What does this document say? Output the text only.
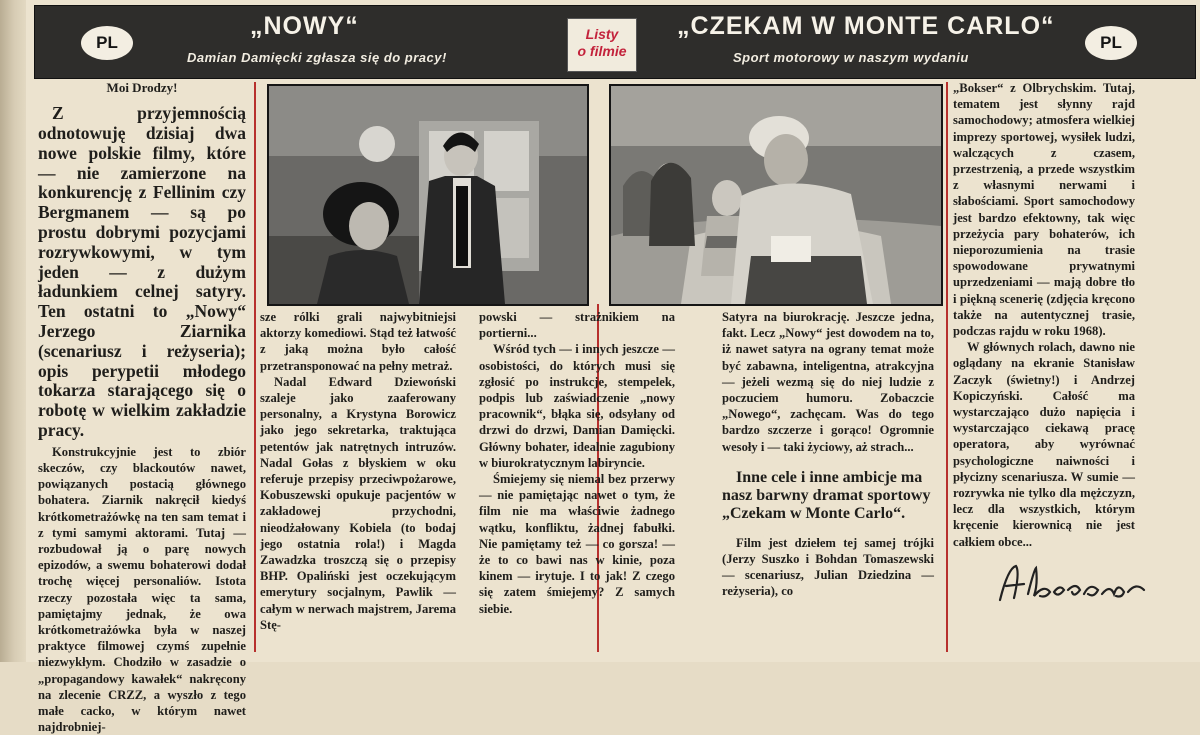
PL
„NOWY“
Damian Damięcki zgłasza się do pracy!
Listy
o filmie
„CZEKAM W MONTE CARLO“
Sport motorowy w naszym wydaniu
PL
Moi Drodzy!

Z przyjemnością odnotowuję dzisiaj dwa nowe polskie filmy, które — nie zamierzone na konkurencję z Fellinim czy Bergmanem — są po prostu dobrymi pozycjami rozrywkowymi, w tym jeden — z dużym ładunkiem celnej satyry. Ten ostatni to „Nowy“ Jerzego Ziarnika (scenariusz i reżyseria); opis perypetii młodego tokarza starającego się o robotę w wielkim zakładzie pracy.

Konstrukcyjnie jest to zbiór skeczów, czy blackoutów nawet, powiązanych postacią głównego bohatera. Ziarnik nakręcił kiedyś krótkometrażówkę na ten sam temat i z tymi samymi aktorami. Tutaj — rozbudował ją o parę nowych epizodów, a swemu bohaterowi dodał trochę więcej personaliów. Istota rzeczy pozostała więc ta sama, pamiętajmy jednak, że owa krótkometrażówka była w naszej praktyce filmowej czymś zupełnie niezwykłym. Chodziło w zasadzie o „propagandowy kawałek“ nakręcony na zlecenie CRZZ, a wyszło z tego małe cacko, w którym nawet najdrobniej-

sze rólki grali najwybitniejsi aktorzy komediowi. Stąd też łatwość z jaką można było całość przetransponować na pełny metraż.

Nadal Edward Dziewoński szaleje jako zaaferowany personalny, a Krystyna Borowicz jako jego sekretarka, traktująca petentów jak natrętnych intruzów. Nadal Gołas z błyskiem w oku referuje przepisy przeciwpożarowe, Kobuszewski opukuje pacjentów w zakładowej przychodni, nieodżałowany Kobiela (to bodaj jego ostatnia rola!) i Magda Zawadzka troszczą się o przepisy BHP. Opaliński jest oczekującym emerytury socjalnym, Pawlik — całym w nerwach majstrem, Jarema Stę-

powski — strażnikiem na portierni...

Wśród tych — i innych jeszcze — osobistości, do których musi się zgłosić po instrukcje, stempelek, podpis lub zaświadczenie „nowy pracownik“, błąka się, odsyłany od drzwi do drzwi, Damian Damięcki. Główny bohater, idealnie zagubiony w biurokratycznym labiryncie.

Śmiejemy się niemal bez przerwy — nie pamiętając nawet o tym, że film nie ma właściwie żadnego wątku, konfliktu, żadnej fabułki. Nie pamiętamy też — co gorsza! — że to co bawi nas w kinie, poza kinem — irytuje. I to jak! Z czego się zatem śmiejemy? Z samych siebie.

Satyra na biurokrację. Jeszcze jedna, fakt. Lecz „Nowy“ jest dowodem na to, iż nawet satyra na ograny temat może być zabawna, inteligentna, atrakcyjna — jeżeli wezmą się do niej ludzie z poczuciem humoru. Zobaczcie „Nowego“, zachęcam. Was do tego bardzo szczerze i gorąco! Ogromnie wesoły i — taki życiowy, aż strach...

Inne cele i inne ambicje ma nasz barwny dramat sportowy „Czekam w Monte Carlo“.

Film jest dziełem tej samej trójki (Jerzy Suszko i Bohdan Tomaszewski — scenariusz, Julian Dziedzina — reżyseria), co

„Bokser“ z Olbrychskim. Tutaj, tematem jest słynny rajd samochodowy; atmosfera wielkiej imprezy sportowej, wysiłek ludzi, walczących z czasem, przestrzenią, a przede wszystkim z własnymi nerwami i słabościami. Sport samochodowy jest bardzo efektowny, tak więc przeżycia pary bohaterów, ich nieporozumienia na trasie spowodowane prywatnymi uprzedzeniami — mają dobre tło i piękną scenerię (zdjęcia kręcono także na autentycznej trasie, podczas rajdu w roku 1968).

W głównych rolach, dawno nie oglądany na ekranie Stanisław Zaczyk (świetny!) i Andrzej Kopiczyński. Całość ma wystarczająco dużo napięcia i wystarczająco ciekawą pracę operatora, aby wyrównać psychologiczne naiwności i płycizny scenariusza. W sumie — rozrywka nie tylko dla mężczyzn, lecz dla wszystkich, którym kręcenie kierownicą nie jest całkiem obce...
